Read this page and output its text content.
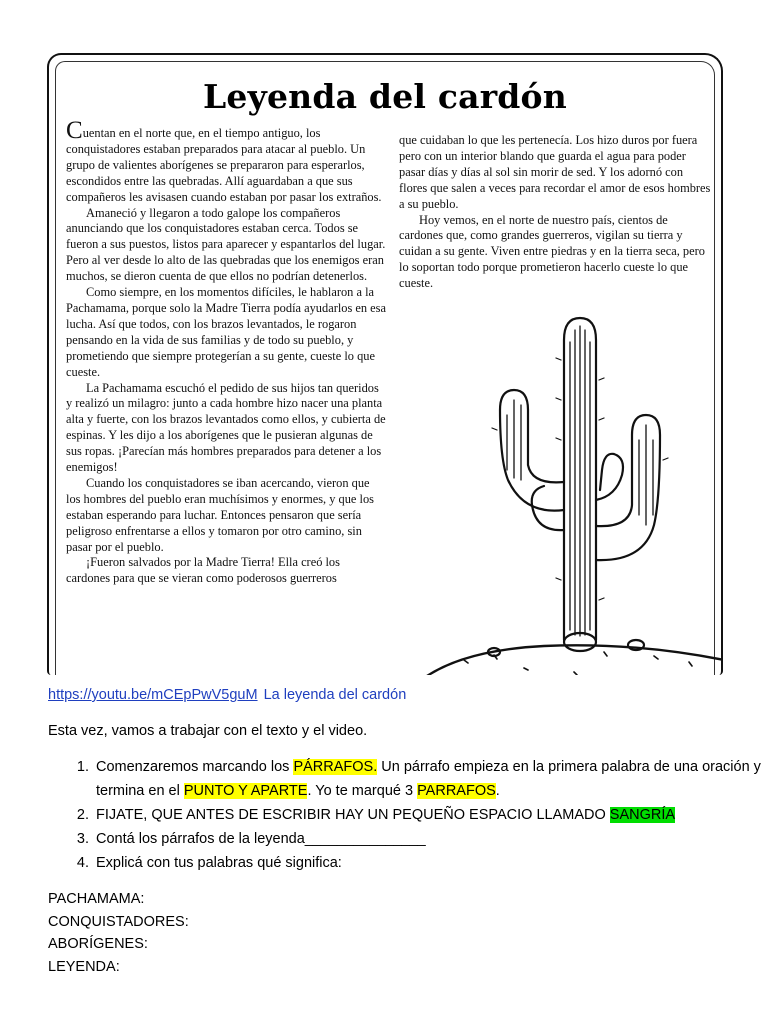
Leyenda del cardón

Cuentan en el norte que, en el tiempo antiguo, los conquistadores estaban preparados para atacar al pueblo. Un grupo de valientes aborígenes se prepararon para esperarlos, escondidos entre las quebradas. Allí aguardaban a que sus compañeros les avisasen cuando estaban por pasar los extraños.

Amaneció y llegaron a todo galope los compañeros anunciando que los conquistadores estaban cerca. Todos se fueron a sus puestos, listos para aparecer y espantarlos del lugar. Pero al ver desde lo alto de las quebradas que los enemigos eran muchos, se dieron cuenta de que ellos no podrían detenerlos.

Como siempre, en los momentos difíciles, le hablaron a la Pachamama, porque solo la Madre Tierra podía ayudarlos en esa lucha. Así que todos, con los brazos levantados, le rogaron pensando en la vida de sus familias y de todo su pueblo, y prometiendo que siempre protegerían a su gente, cueste lo que cueste.

La Pachamama escuchó el pedido de sus hijos tan queridos y realizó un milagro: junto a cada hombre hizo nacer una planta alta y fuerte, con los brazos levantados como ellos, y cubierta de espinas. Y les dijo a los aborígenes que le pusieran algunas de sus ropas. ¡Parecían más hombres preparados para detener a los enemigos!

Cuando los conquistadores se iban acercando, vieron que los hombres del pueblo eran muchísimos y enormes, y que los estaban esperando para luchar. Entonces pensaron que sería peligroso enfrentarse a ellos y tomaron por otro camino, sin pasar por el pueblo.

¡Fueron salvados por la Madre Tierra! Ella creó los cardones para que se vieran como poderosos guerreros

que cuidaban lo que les pertenecía. Los hizo duros por fuera pero con un interior blando que guarda el agua para poder pasar días y días al sol sin morir de sed. Y los adornó con flores que salen a veces para recordar el amor de esos hombres a su pueblo.

Hoy vemos, en el norte de nuestro país, cientos de cardones que, como grandes guerreros, vigilan su tierra y cuidan a su gente. Viven entre piedras y en la tierra seca, pero lo soportan todo porque prometieron hacerlo cueste lo que cueste.

https://youtu.be/mCEpPwV5guM La leyenda del cardón
Esta vez, vamos a trabajar con el texto y el video.
1. Comenzaremos marcando los PÁRRAFOS. Un párrafo empieza en la primera palabra de una oración y termina en el PUNTO Y APARTE. Yo te marqué 3 PARRAFOS.
2. FIJATE, QUE ANTES DE ESCRIBIR HAY UN PEQUEÑO ESPACIO LLAMADO SANGRÍA
3. Contá los párrafos de la leyenda_______________
4. Explicá con tus palabras qué significa:
PACHAMAMA:
CONQUISTADORES:
ABORÍGENES:
LEYENDA:
